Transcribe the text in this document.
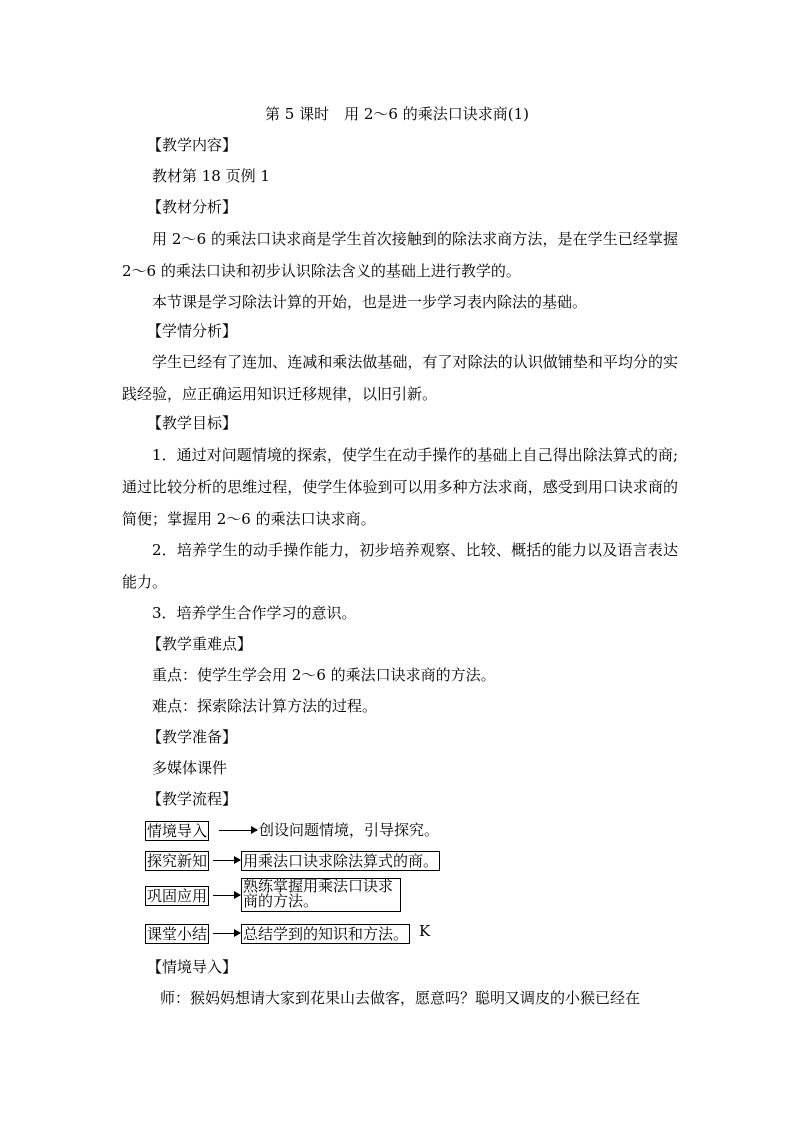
第 5 课时　用 2～6 的乘法口诀求商(1)
【教学内容】
教材第 18 页例 1
【教材分析】
用 2～6 的乘法口诀求商是学生首次接触到的除法求商方法，是在学生已经掌握 2～6 的乘法口诀和初步认识除法含义的基础上进行教学的。
本节课是学习除法计算的开始，也是进一步学习表内除法的基础。
【学情分析】
学生已经有了连加、连减和乘法做基础，有了对除法的认识做铺垫和平均分的实践经验，应正确运用知识迁移规律，以旧引新。
【教学目标】
1．通过对问题情境的探索，使学生在动手操作的基础上自己得出除法算式的商;通过比较分析的思维过程，使学生体验到可以用多种方法求商，感受到用口诀求商的简便；掌握用 2～6 的乘法口诀求商。
2．培养学生的动手操作能力，初步培养观察、比较、概括的能力以及语言表达能力。
3．培养学生合作学习的意识。
【教学重难点】
重点：使学生学会用 2～6 的乘法口诀求商的方法。
难点：探索除法计算方法的过程。
【教学准备】
多媒体课件
【教学流程】
情境导入	创设问题情境，引导探究。
探究新知 用乘法口诀求除法算式的商。
巩固应用
熟练掌握用乘法口诀求
商的方法。
课堂小结 总结学到的知识和方法。 K
【情境导入】
师：猴妈妈想请大家到花果山去做客，愿意吗？聪明又调皮的小猴已经在
